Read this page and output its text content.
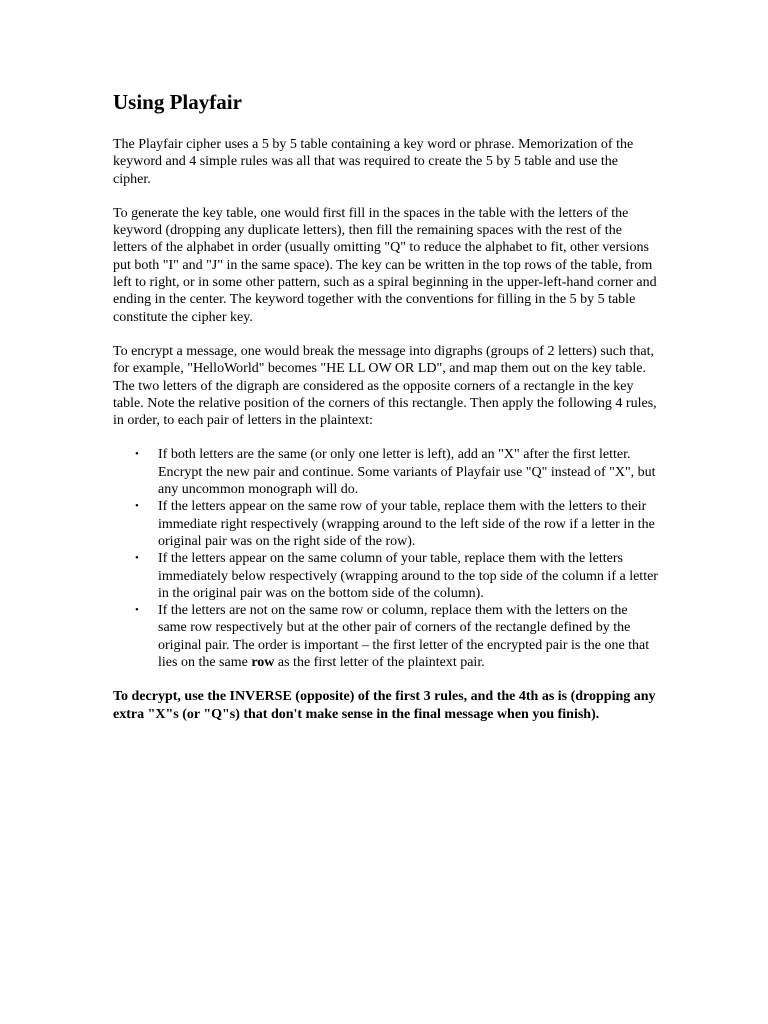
Using Playfair

The Playfair cipher uses a 5 by 5 table containing a key word or phrase. Memorization of the keyword and 4 simple rules was all that was required to create the 5 by 5 table and use the cipher.

To generate the key table, one would first fill in the spaces in the table with the letters of the keyword (dropping any duplicate letters), then fill the remaining spaces with the rest of the letters of the alphabet in order (usually omitting "Q" to reduce the alphabet to fit, other versions put both "I" and "J" in the same space). The key can be written in the top rows of the table, from left to right, or in some other pattern, such as a spiral beginning in the upper-left-hand corner and ending in the center. The keyword together with the conventions for filling in the 5 by 5 table constitute the cipher key.

To encrypt a message, one would break the message into digraphs (groups of 2 letters) such that, for example, "HelloWorld" becomes "HE LL OW OR LD", and map them out on the key table. The two letters of the digraph are considered as the opposite corners of a rectangle in the key table. Note the relative position of the corners of this rectangle. Then apply the following 4 rules, in order, to each pair of letters in the plaintext:

• If both letters are the same (or only one letter is left), add an "X" after the first letter. Encrypt the new pair and continue. Some variants of Playfair use "Q" instead of "X", but any uncommon monograph will do.
• If the letters appear on the same row of your table, replace them with the letters to their immediate right respectively (wrapping around to the left side of the row if a letter in the original pair was on the right side of the row).
• If the letters appear on the same column of your table, replace them with the letters immediately below respectively (wrapping around to the top side of the column if a letter in the original pair was on the bottom side of the column).
• If the letters are not on the same row or column, replace them with the letters on the same row respectively but at the other pair of corners of the rectangle defined by the original pair. The order is important – the first letter of the encrypted pair is the one that lies on the same row as the first letter of the plaintext pair.

To decrypt, use the INVERSE (opposite) of the first 3 rules, and the 4th as is (dropping any extra "X"s (or "Q"s) that don't make sense in the final message when you finish).
